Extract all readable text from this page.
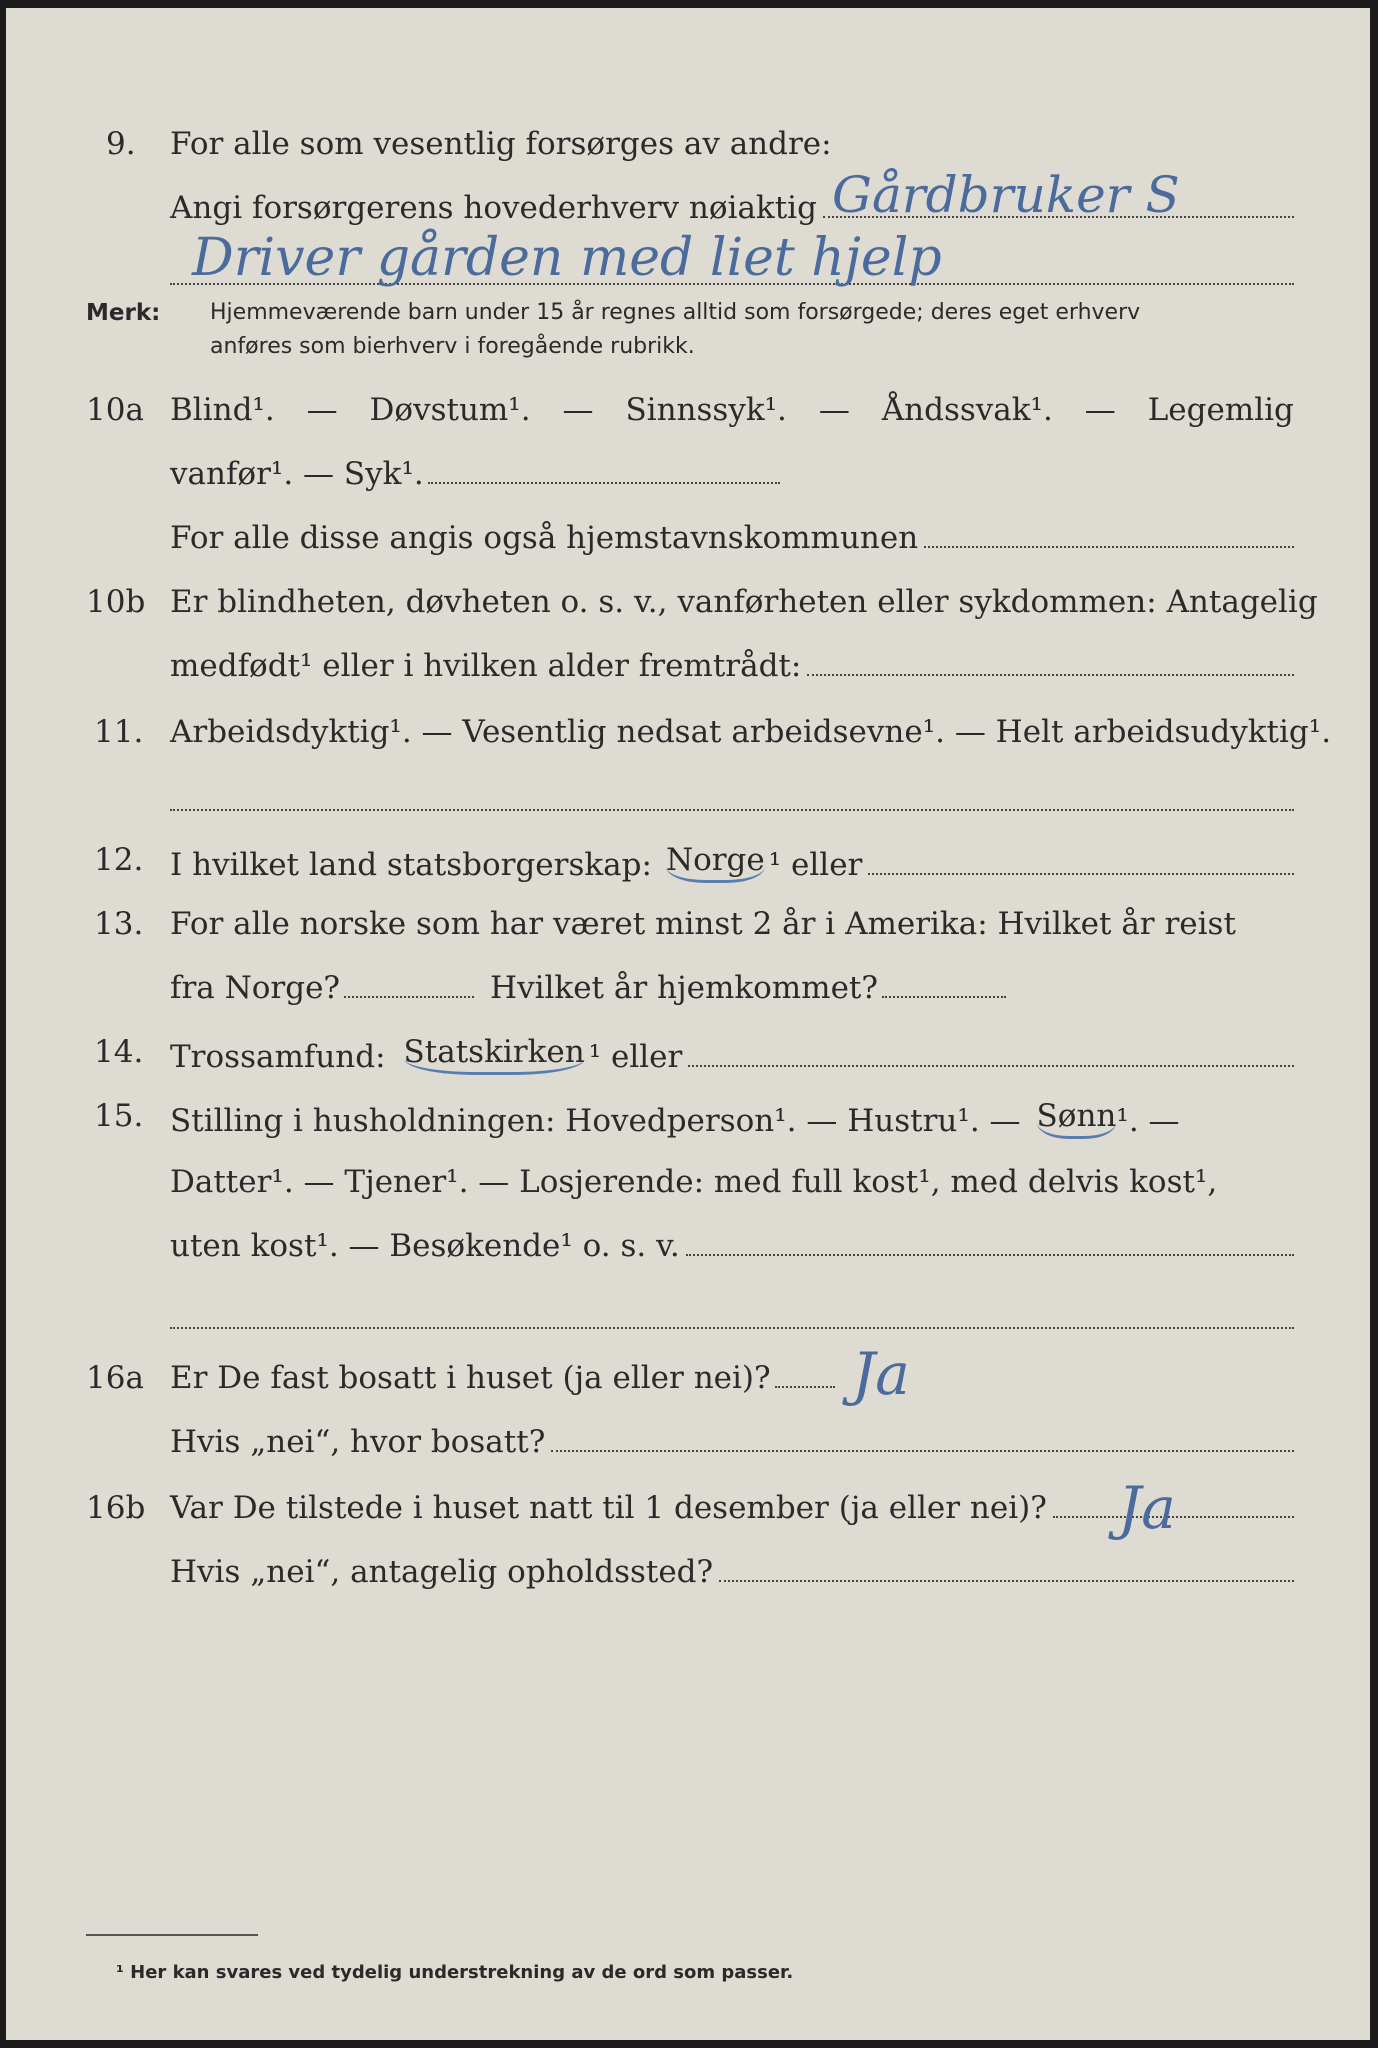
9. For alle som vesentlig forsørges av andre:
Angi forsørgerens hovederhverv nøiaktig Gårdbruker S
Driver gården med liet hjelp
Merk: Hjemmeværende barn under 15 år regnes alltid som forsørgede; deres eget erhverv
anføres som bierhverv i foregående rubrikk.
10a Blind¹. — Døvstum¹. — Sinnssyk¹. — Åndssvak¹. — Legemlig
vanfør¹. — Syk¹.
For alle disse angis også hjemstavnskommunen
10b Er blindheten, døvheten o. s. v., vanførheten eller sykdommen: Antagelig
medfødt¹ eller i hvilken alder fremtrådt:
11. Arbeidsdyktig¹. — Vesentlig nedsat arbeidsevne¹. — Helt arbeidsudyktig¹.
12. I hvilket land statsborgerskap: Norge ¹ eller
13. For alle norske som har været minst 2 år i Amerika: Hvilket år reist
fra Norge?	Hvilket år hjemkommet?
14. Trossamfund: Statskirken ¹ eller
15. Stilling i husholdningen: Hovedperson¹. — Hustru¹. — Sønn ¹. —
Datter¹. — Tjener¹. — Losjerende: med full kost¹, med delvis kost¹,
uten kost¹. — Besøkende¹ o. s. v.
16a Er De fast bosatt i huset (ja eller nei)? Ja
Hvis „nei“, hvor bosatt?
16b Var De tilstede i huset natt til 1 desember (ja eller nei)? Ja
Hvis „nei“, antagelig opholdssted?
¹ Her kan svares ved tydelig understrekning av de ord som passer.
